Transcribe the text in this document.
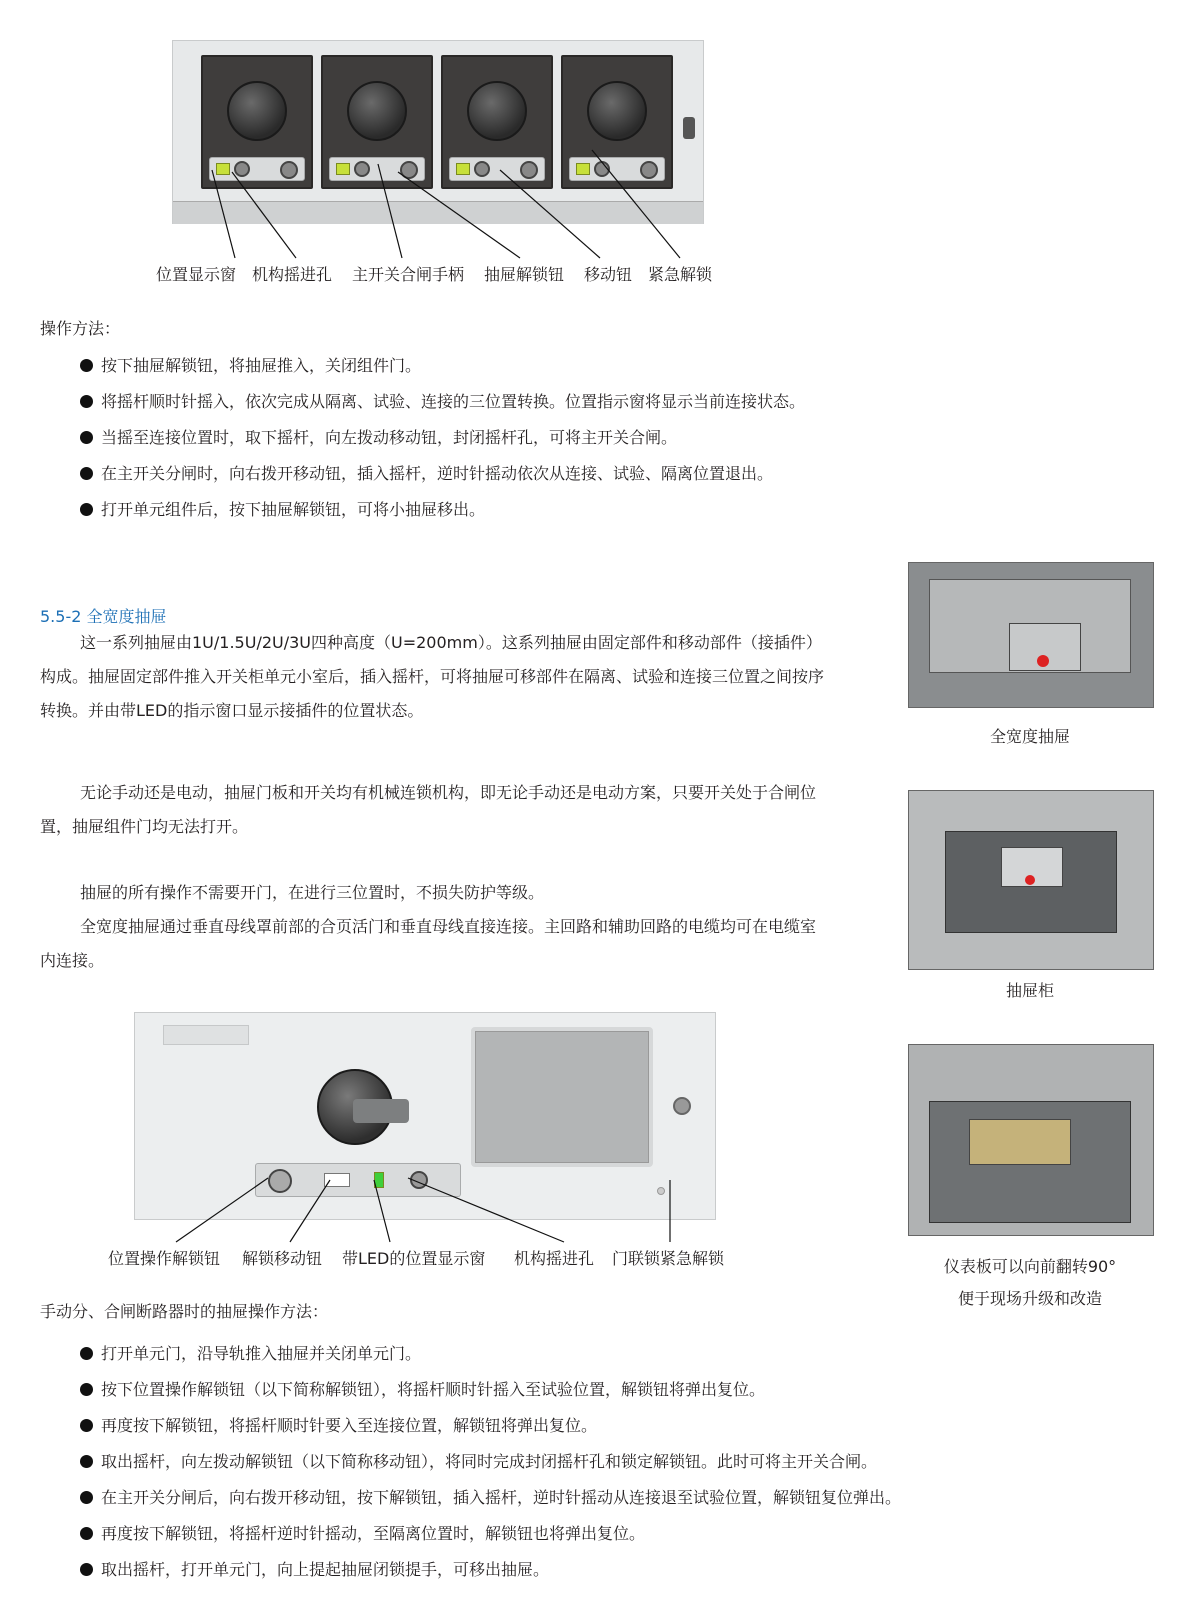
位置显示窗 机构摇进孔 主开关合闸手柄 抽屉解锁钮 移动钮 紧急解锁
操作方法：
按下抽屉解锁钮，将抽屉推入，关闭组件门。
将摇杆顺时针摇入，依次完成从隔离、试验、连接的三位置转换。位置指示窗将显示当前连接状态。
当摇至连接位置时，取下摇杆，向左拨动移动钮，封闭摇杆孔，可将主开关合闸。
在主开关分闸时，向右拨开移动钮，插入摇杆，逆时针摇动依次从连接、试验、隔离位置退出。
打开单元组件后，按下抽屉解锁钮，可将小抽屉移出。
5.5-2 全宽度抽屉
这一系列抽屉由1U/1.5U/2U/3U四种高度（U=200mm）。这系列抽屉由固定部件和移动部件（接插件）构成。抽屉固定部件推入开关柜单元小室后，插入摇杆，可将抽屉可移部件在隔离、试验和连接三位置之间按序转换。并由带LED的指示窗口显示接插件的位置状态。
无论手动还是电动，抽屉门板和开关均有机械连锁机构，即无论手动还是电动方案，只要开关处于合闸位置，抽屉组件门均无法打开。
抽屉的所有操作不需要开门，在进行三位置时，不损失防护等级。
全宽度抽屉通过垂直母线罩前部的合页活门和垂直母线直接连接。主回路和辅助回路的电缆均可在电缆室内连接。
全宽度抽屉
抽屉柜
仪表板可以向前翻转90°
便于现场升级和改造
位置操作解锁钮 解锁移动钮 带LED的位置显示窗 机构摇进孔 门联锁紧急解锁
手动分、合闸断路器时的抽屉操作方法：
打开单元门，沿导轨推入抽屉并关闭单元门。
按下位置操作解锁钮（以下简称解锁钮），将摇杆顺时针摇入至试验位置，解锁钮将弹出复位。
再度按下解锁钮，将摇杆顺时针要入至连接位置，解锁钮将弹出复位。
取出摇杆，向左拨动解锁钮（以下简称移动钮），将同时完成封闭摇杆孔和锁定解锁钮。此时可将主开关合闸。
在主开关分闸后，向右拨开移动钮，按下解锁钮，插入摇杆，逆时针摇动从连接退至试验位置，解锁钮复位弹出。
再度按下解锁钮，将摇杆逆时针摇动，至隔离位置时，解锁钮也将弹出复位。
取出摇杆，打开单元门，向上提起抽屉闭锁提手，可移出抽屉。
